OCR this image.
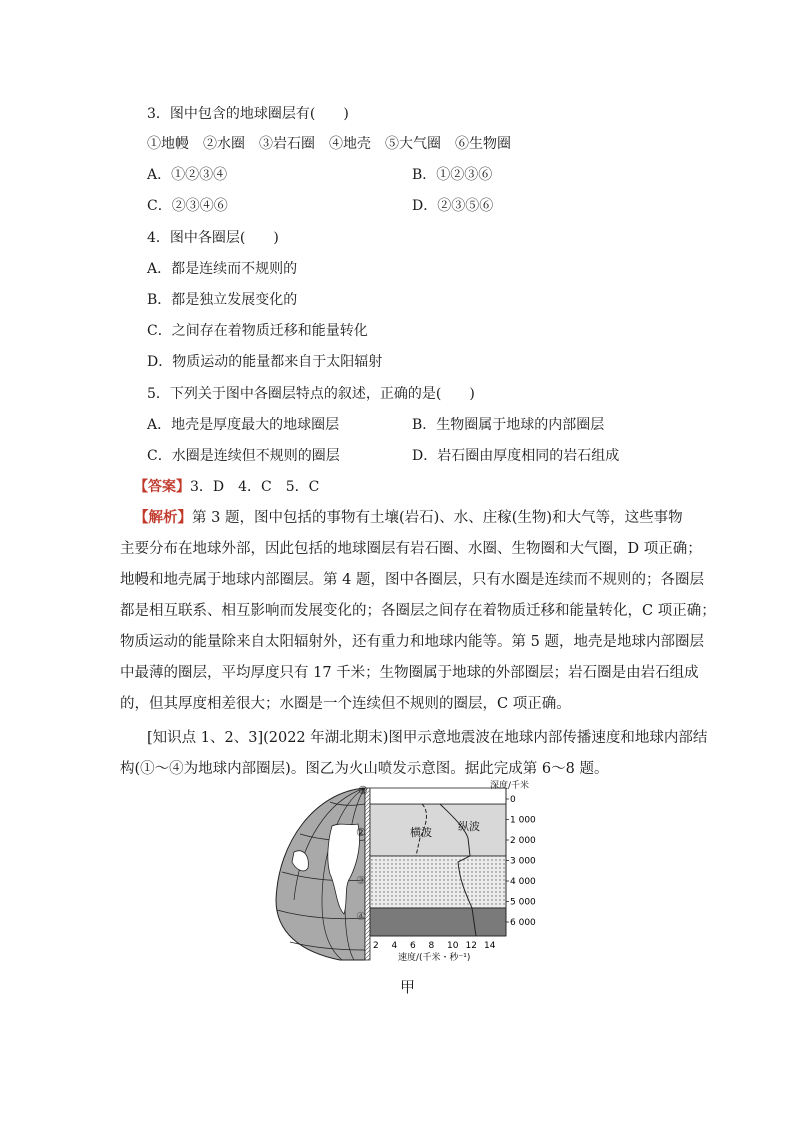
3．图中包含的地球圈层有(　　)
①地幔　②水圈　③岩石圈　④地壳　⑤大气圈　⑥生物圈
A．①②③④	B．①②③⑥
C．②③④⑥	D．②③⑤⑥
4．图中各圈层(　　)
A．都是连续而不规则的
B．都是独立发展变化的
C．之间存在着物质迁移和能量转化
D．物质运动的能量都来自于太阳辐射
5．下列关于图中各圈层特点的叙述，正确的是(　　)
A．地壳是厚度最大的地球圈层	B．生物圈属于地球的内部圈层
C．水圈是连续但不规则的圈层	D．岩石圈由厚度相同的岩石组成
【答案】3．D　4．C　5．C
【解析】第 3 题，图中包括的事物有土壤(岩石)、水、庄稼(生物)和大气等，这些事物
主要分布在地球外部，因此包括的地球圈层有岩石圈、水圈、生物圈和大气圈，D 项正确；
地幔和地壳属于地球内部圈层。第 4 题，图中各圈层，只有水圈是连续而不规则的；各圈层
都是相互联系、相互影响而发展变化的；各圈层之间存在着物质迁移和能量转化，C 项正确；
物质运动的能量除来自太阳辐射外，还有重力和地球内能等。第 5 题，地壳是地球内部圈层
中最薄的圈层，平均厚度只有 17 千米；生物圈属于地球的外部圈层；岩石圈是由岩石组成
的，但其厚度相差很大；水圈是一个连续但不规则的圈层，C 项正确。
[知识点 1、2、3](2022 年湖北期末)图甲示意地震波在地球内部传播速度和地球内部结
构(①～④为地球内部圈层)。图乙为火山喷发示意图。据此完成第 6～8 题。
横波 纵波
①
②
③
④
深度/千米
0
1 000
2 000
3 000
4 000
5 000
6 000
2 4 6 8 10 12 14
速度/(千米・秒⁻¹)
甲
